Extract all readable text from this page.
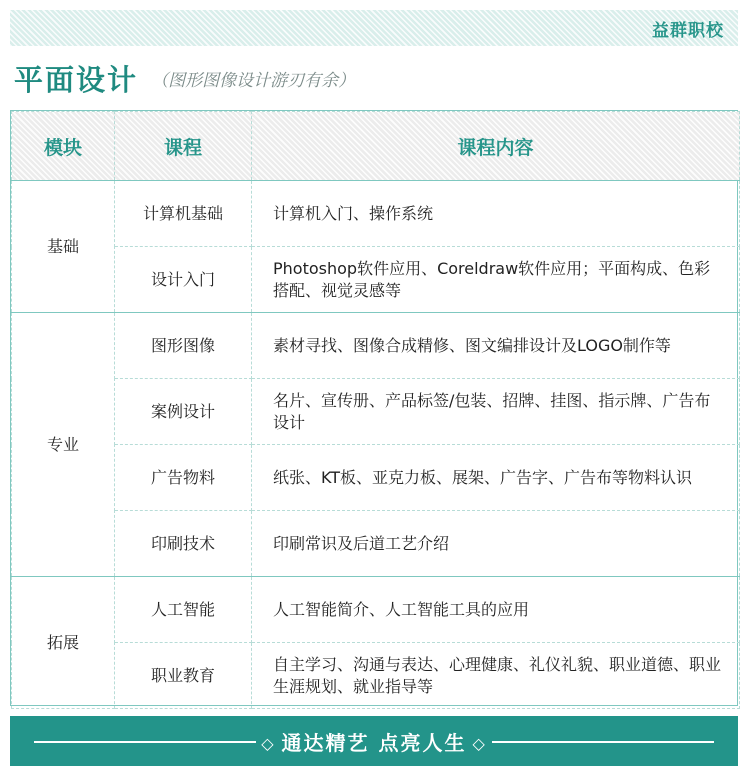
益群职校
平面设计 （图形图像设计游刃有余）
模块	课程	课程内容
基础	计算机基础	计算机入门、操作系统
	设计入门	Photoshop软件应用、Coreldraw软件应用；平面构成、色彩搭配、视觉灵感等
专业	图形图像	素材寻找、图像合成精修、图文编排设计及LOGO制作等
	案例设计	名片、宣传册、产品标签/包装、招牌、挂图、指示牌、广告布设计
	广告物料	纸张、KT板、亚克力板、展架、广告字、广告布等物料认识
	印刷技术	印刷常识及后道工艺介绍
拓展	人工智能	人工智能简介、人工智能工具的应用
	职业教育	自主学习、沟通与表达、心理健康、礼仪礼貌、职业道德、职业生涯规划、就业指导等
◇ 通达精艺 点亮人生 ◇
